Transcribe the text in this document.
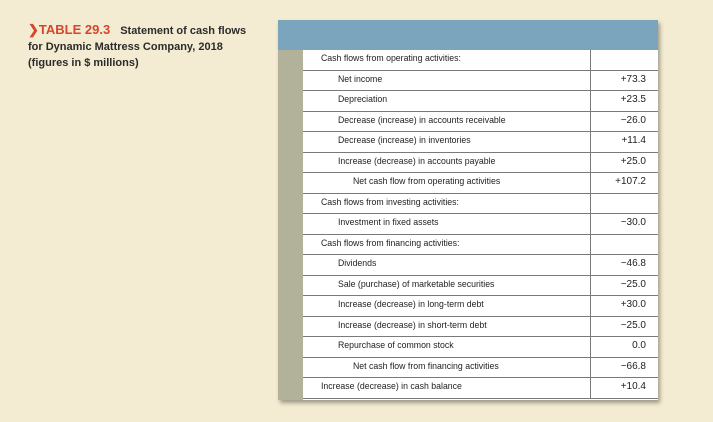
❯TABLE 29.3 Statement of cash flows for Dynamic Mattress Company, 2018 (figures in $ millions)	Cash flows from operating activities:
Net income	+73.3
Depreciation	+23.5
Decrease (increase) in accounts receivable	−26.0
Decrease (increase) in inventories	+11.4
Increase (decrease) in accounts payable	+25.0
Net cash flow from operating activities	+107.2
Cash flows from investing activities:
Investment in fixed assets	−30.0
Cash flows from financing activities:
Dividends	−46.8
Sale (purchase) of marketable securities	−25.0
Increase (decrease) in long-term debt	+30.0
Increase (decrease) in short-term debt	−25.0
Repurchase of common stock	0.0
Net cash flow from financing activities	−66.8
Increase (decrease) in cash balance	+10.4
